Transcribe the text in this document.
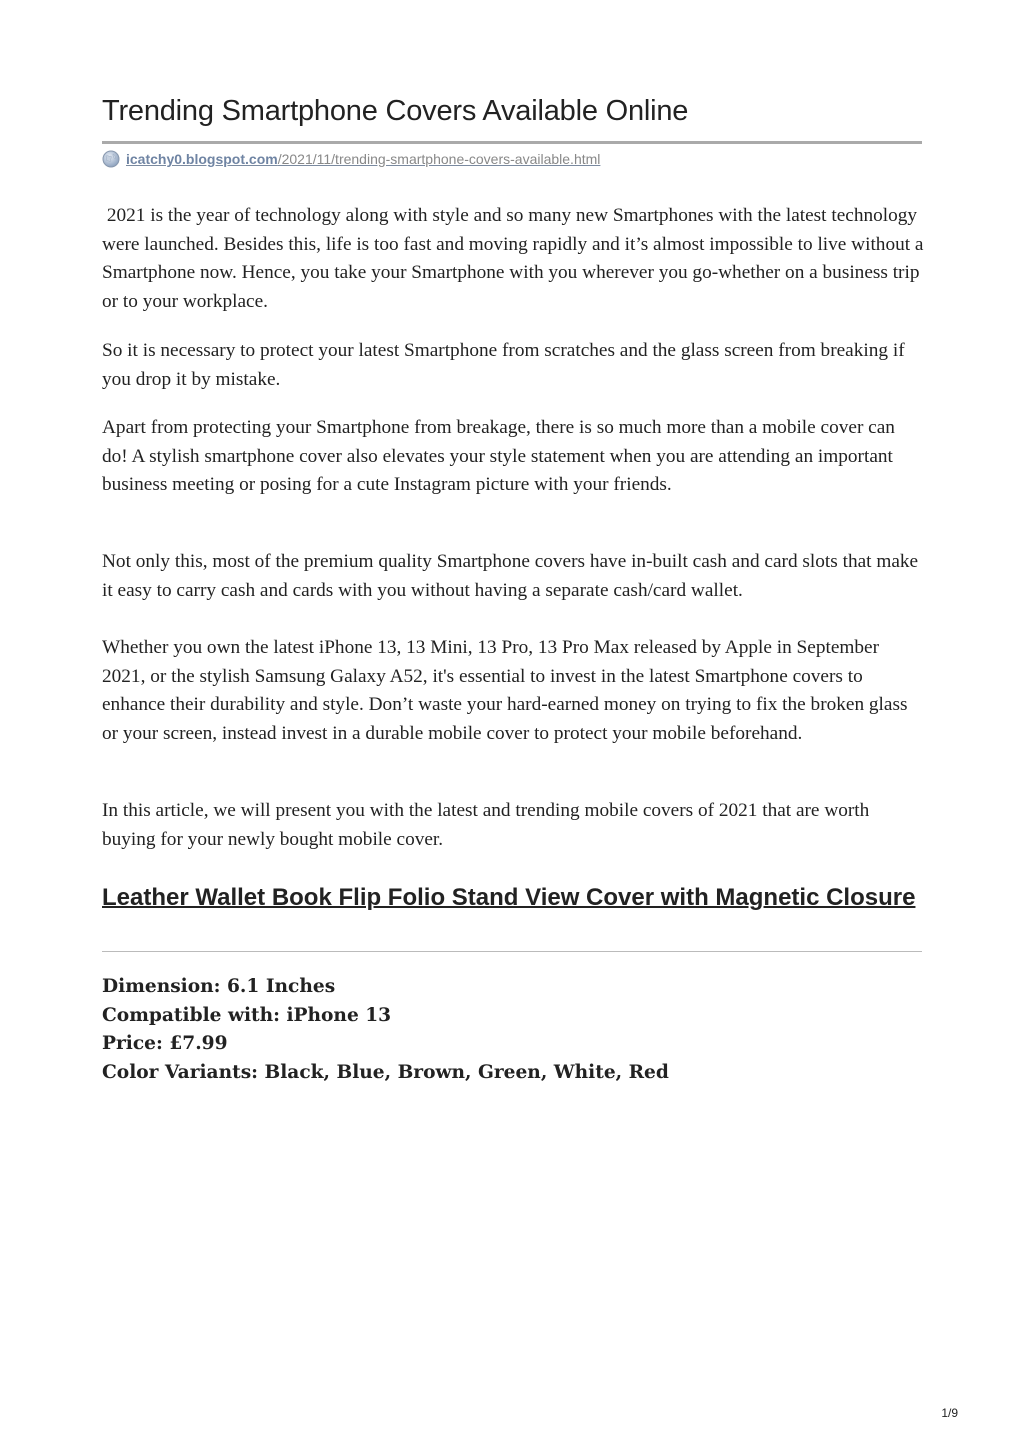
Trending Smartphone Covers Available Online
icatchy0.blogspot.com/2021/11/trending-smartphone-covers-available.html

2021 is the year of technology along with style and so many new Smartphones with the latest technology were launched. Besides this, life is too fast and moving rapidly and it’s almost impossible to live without a Smartphone now. Hence, you take your Smartphone with you wherever you go-whether on a business trip or to your workplace.

So it is necessary to protect your latest Smartphone from scratches and the glass screen from breaking if you drop it by mistake.

Apart from protecting your Smartphone from breakage, there is so much more than a mobile cover can do! A stylish smartphone cover also elevates your style statement when you are attending an important business meeting or posing for a cute Instagram picture with your friends.

Not only this, most of the premium quality Smartphone covers have in-built cash and card slots that make it easy to carry cash and cards with you without having a separate cash/card wallet.

Whether you own the latest iPhone 13, 13 Mini, 13 Pro, 13 Pro Max released by Apple in September 2021, or the stylish Samsung Galaxy A52, it's essential to invest in the latest Smartphone covers to enhance their durability and style. Don’t waste your hard-earned money on trying to fix the broken glass or your screen, instead invest in a durable mobile cover to protect your mobile beforehand.

In this article, we will present you with the latest and trending mobile covers of 2021 that are worth buying for your newly bought mobile cover.

Leather Wallet Book Flip Folio Stand View Cover with Magnetic Closure
Dimension: 6.1 Inches
Compatible with: iPhone 13
Price: £7.99
Color Variants: Black, Blue, Brown, Green, White, Red
1/9
